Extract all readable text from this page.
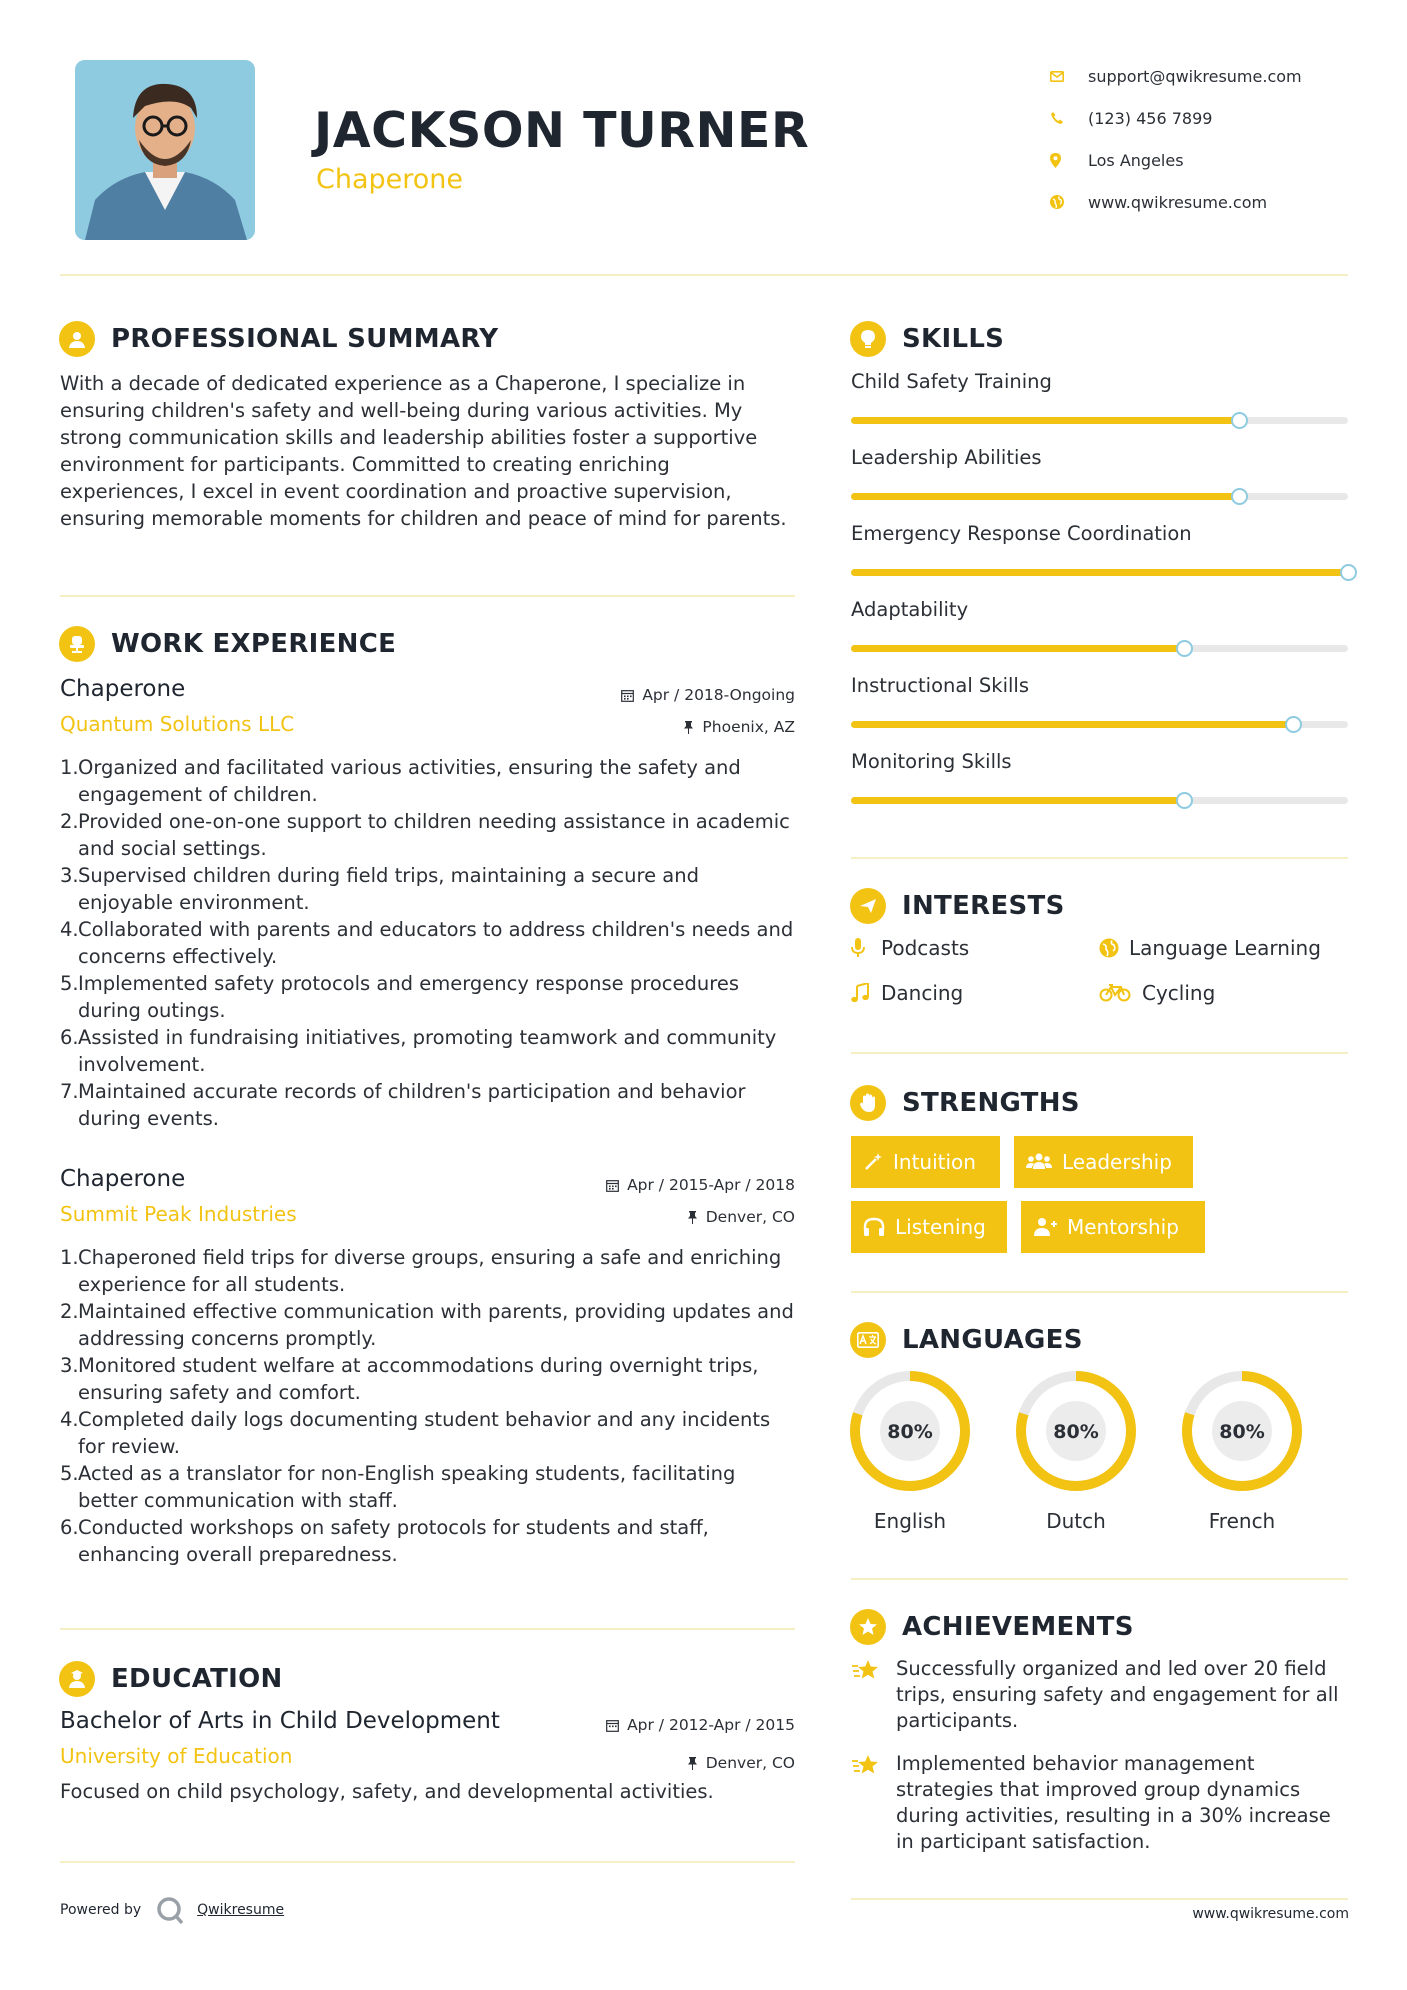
JACKSON TURNER
Chaperone
support@qwikresume.com
(123) 456 7899
Los Angeles
www.qwikresume.com
PROFESSIONAL SUMMARY
With a decade of dedicated experience as a Chaperone, I specialize in ensuring children's safety and well-being during various activities. My strong communication skills and leadership abilities foster a supportive environment for participants. Committed to creating enriching experiences, I excel in event coordination and proactive supervision, ensuring memorable moments for children and peace of mind for parents.
WORK EXPERIENCE
Chaperone	Apr / 2018-Ongoing
Quantum Solutions LLC	Phoenix, AZ
1. Organized and facilitated various activities, ensuring the safety and engagement of children.
2. Provided one-on-one support to children needing assistance in academic and social settings.
3. Supervised children during field trips, maintaining a secure and enjoyable environment.
4. Collaborated with parents and educators to address children's needs and concerns effectively.
5. Implemented safety protocols and emergency response procedures during outings.
6. Assisted in fundraising initiatives, promoting teamwork and community involvement.
7. Maintained accurate records of children's participation and behavior during events.
Chaperone	Apr / 2015-Apr / 2018
Summit Peak Industries	Denver, CO
1. Chaperoned field trips for diverse groups, ensuring a safe and enriching experience for all students.
2. Maintained effective communication with parents, providing updates and addressing concerns promptly.
3. Monitored student welfare at accommodations during overnight trips, ensuring safety and comfort.
4. Completed daily logs documenting student behavior and any incidents for review.
5. Acted as a translator for non-English speaking students, facilitating better communication with staff.
6. Conducted workshops on safety protocols for students and staff, enhancing overall preparedness.
EDUCATION
Bachelor of Arts in Child Development	Apr / 2012-Apr / 2015
University of Education	Denver, CO
Focused on child psychology, safety, and developmental activities.
SKILLS
Child Safety Training
Leadership Abilities
Emergency Response Coordination
Adaptability
Instructional Skills
Monitoring Skills
INTERESTS
Podcasts	Language Learning
Dancing	Cycling
STRENGTHS
Intuition	Leadership
Listening	Mentorship
LANGUAGES
80%
English
80%
Dutch
80%
French
ACHIEVEMENTS
Successfully organized and led over 20 field trips, ensuring safety and engagement for all participants.
Implemented behavior management strategies that improved group dynamics during activities, resulting in a 30% increase in participant satisfaction.
Powered by	Qwikresume	www.qwikresume.com
